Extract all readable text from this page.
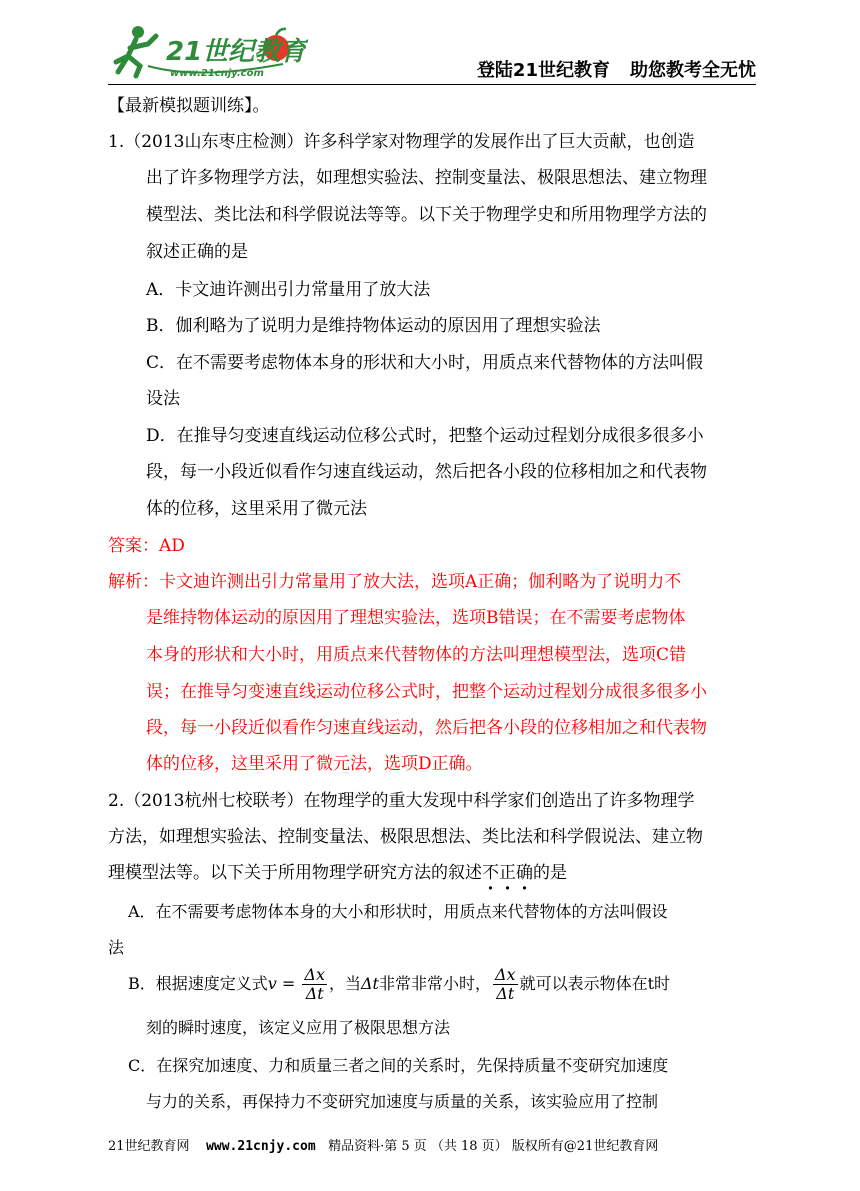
21世纪教育
www.21cnjy.com	登陆21世纪教育 助您教考全无忧
【最新模拟题训练】。
1.（2013山东枣庄检测）许多科学家对物理学的发展作出了巨大贡献，也创造
出了许多物理学方法，如理想实验法、控制变量法、极限思想法、建立物理
模型法、类比法和科学假说法等等。以下关于物理学史和所用物理学方法的
叙述正确的是
A．卡文迪许测出引力常量用了放大法
B．伽利略为了说明力是维持物体运动的原因用了理想实验法
C．在不需要考虑物体本身的形状和大小时，用质点来代替物体的方法叫假
设法
D．在推导匀变速直线运动位移公式时，把整个运动过程划分成很多很多小
段，每一小段近似看作匀速直线运动，然后把各小段的位移相加之和代表物
体的位移，这里采用了微元法
答案：AD
解析：卡文迪许测出引力常量用了放大法，选项A正确；伽利略为了说明力不
是维持物体运动的原因用了理想实验法，选项B错误；在不需要考虑物体
本身的形状和大小时，用质点来代替物体的方法叫理想模型法，选项C错
误；在推导匀变速直线运动位移公式时，把整个运动过程划分成很多很多小
段，每一小段近似看作匀速直线运动，然后把各小段的位移相加之和代表物
体的位移，这里采用了微元法，选项D正确。
2.（2013杭州七校联考）在物理学的重大发现中科学家们创造出了许多物理学
方法，如理想实验法、控制变量法、极限思想法、类比法和科学假说法、建立物
理模型法等。以下关于所用物理学研究方法的叙述不正确的是
A．在不需要考虑物体本身的大小和形状时，用质点来代替物体的方法叫假设
法
B．根据速度定义式$v = \frac{\Delta x}{\Delta t}$ ，当Δt非常非常小时， $\frac{\Delta x}{\Delta t}$ 就可以表示物体在t时
刻的瞬时速度，该定义应用了极限思想方法
C．在探究加速度、力和质量三者之间的关系时，先保持质量不变研究加速度
与力的关系，再保持力不变研究加速度与质量的关系，该实验应用了控制
21世纪教育网 www.21cnjy.com 精品资料·第 5 页 （共 18 页） 版权所有@21世纪教育网
